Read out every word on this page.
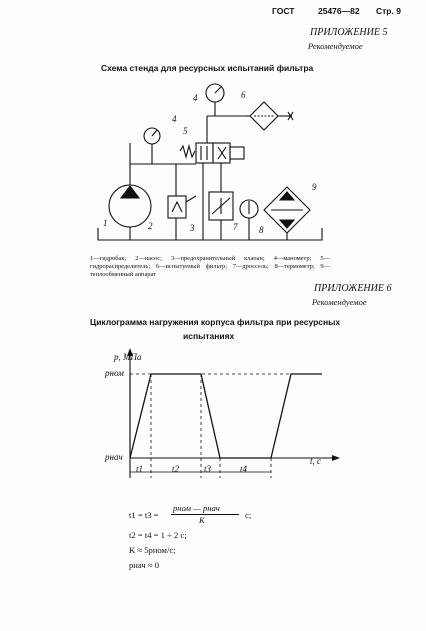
ГОСТ	25476—82 Стр. 9
ПРИЛОЖЕНИЕ 5
Рекомендуемое
Схема стенда для ресурсных испытаний фильтра
1	2	3
4
4
5
6
7 8
9
1—гидробак; 2—насос; 3—предохранительный клапан; 4—манометр; 5—гидрораспределитель; 6—испытуемый фильтр; 7—дроссель; 8—термометр; 9—теплообменный аппарат
ПРИЛОЖЕНИЕ 6
Рекомендуемое
Циклограмма нагружения корпуса фильтра при ресурсных
испытаниях
p, МПа
t, c
pном
pнач
t1	t2	t3	t4
t1 = t3 =
pном — pнач
K	c;
t2 = t4 = 1 ÷ 2 c;
K ≈ 5pном/c;
pнач ≈ 0
